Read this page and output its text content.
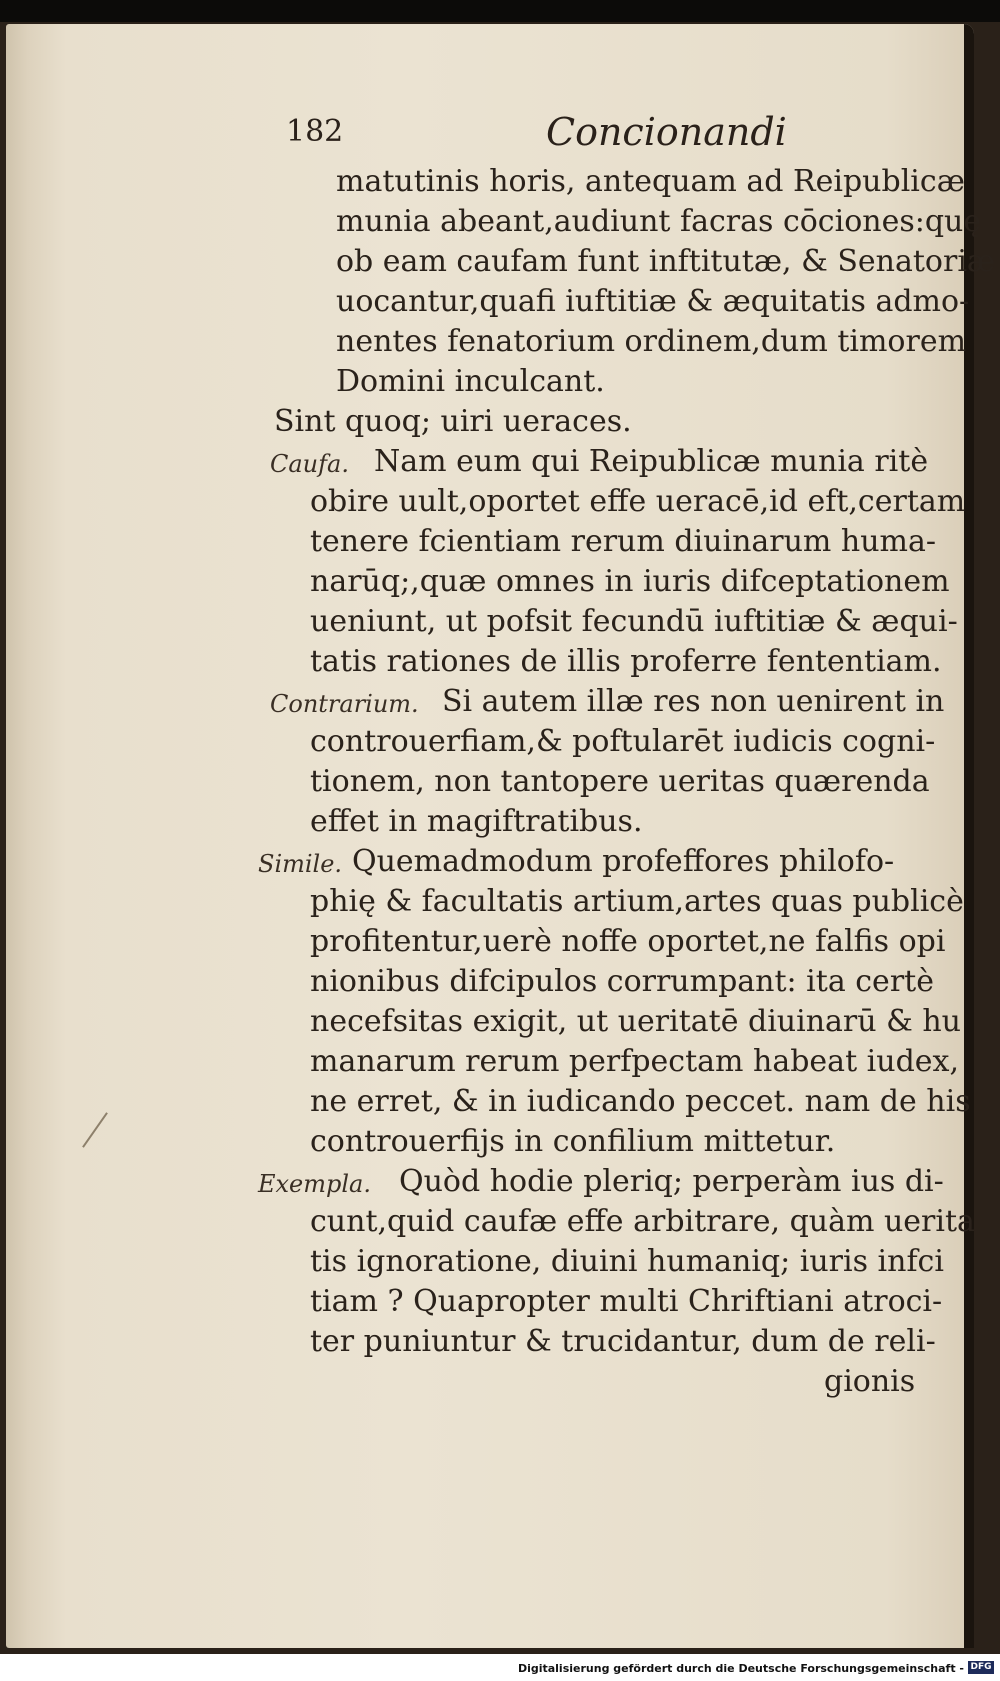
182	Concionandi
matutinis horis, antequam ad Reipublicæ
munia abeant,audiunt facras cōciones:quę
ob eam caufam funt inftitutæ, & Senatoriæ
uocantur,quafi iuftitiæ & æquitatis admo-
nentes fenatorium ordinem,dum timorem
Domini inculcant.
Sint quoq; uiri ueraces.
Caufa. Nam eum qui Reipublicæ munia ritè
obire uult,oportet effe ueracē,id eft,certam
tenere fcientiam rerum diuinarum huma-
narūq;,quæ omnes in iuris difceptationem
ueniunt, ut pofsit fecundū iuftitiæ & æqui-
tatis rationes de illis proferre fententiam.
Contrarium. Si autem illæ res non uenirent in
controuerfiam,& poftularēt iudicis cogni-
tionem, non tantopere ueritas quærenda
effet in magiftratibus.
Simile. Quemadmodum profeffores philofo-
phię & facultatis artium,artes quas publicè
profitentur,uerè noffe oportet,ne falfis opi
nionibus difcipulos corrumpant: ita certè
necefsitas exigit, ut ueritatē diuinarū & hu
manarum rerum perfpectam habeat iudex,
ne erret, & in iudicando peccet. nam de his
controuerfijs in confilium mittetur.
Exempla. Quòd hodie pleriq; perperàm ius di-
cunt,quid caufæ effe arbitrare, quàm uerita
tis ignoratione, diuini humaniq; iuris infci
tiam ? Quapropter multi Chriftiani atroci-
ter puniuntur & trucidantur, dum de reli-
gionis
Digitalisierung gefördert durch die Deutsche Forschungsgemeinschaft - DFG
